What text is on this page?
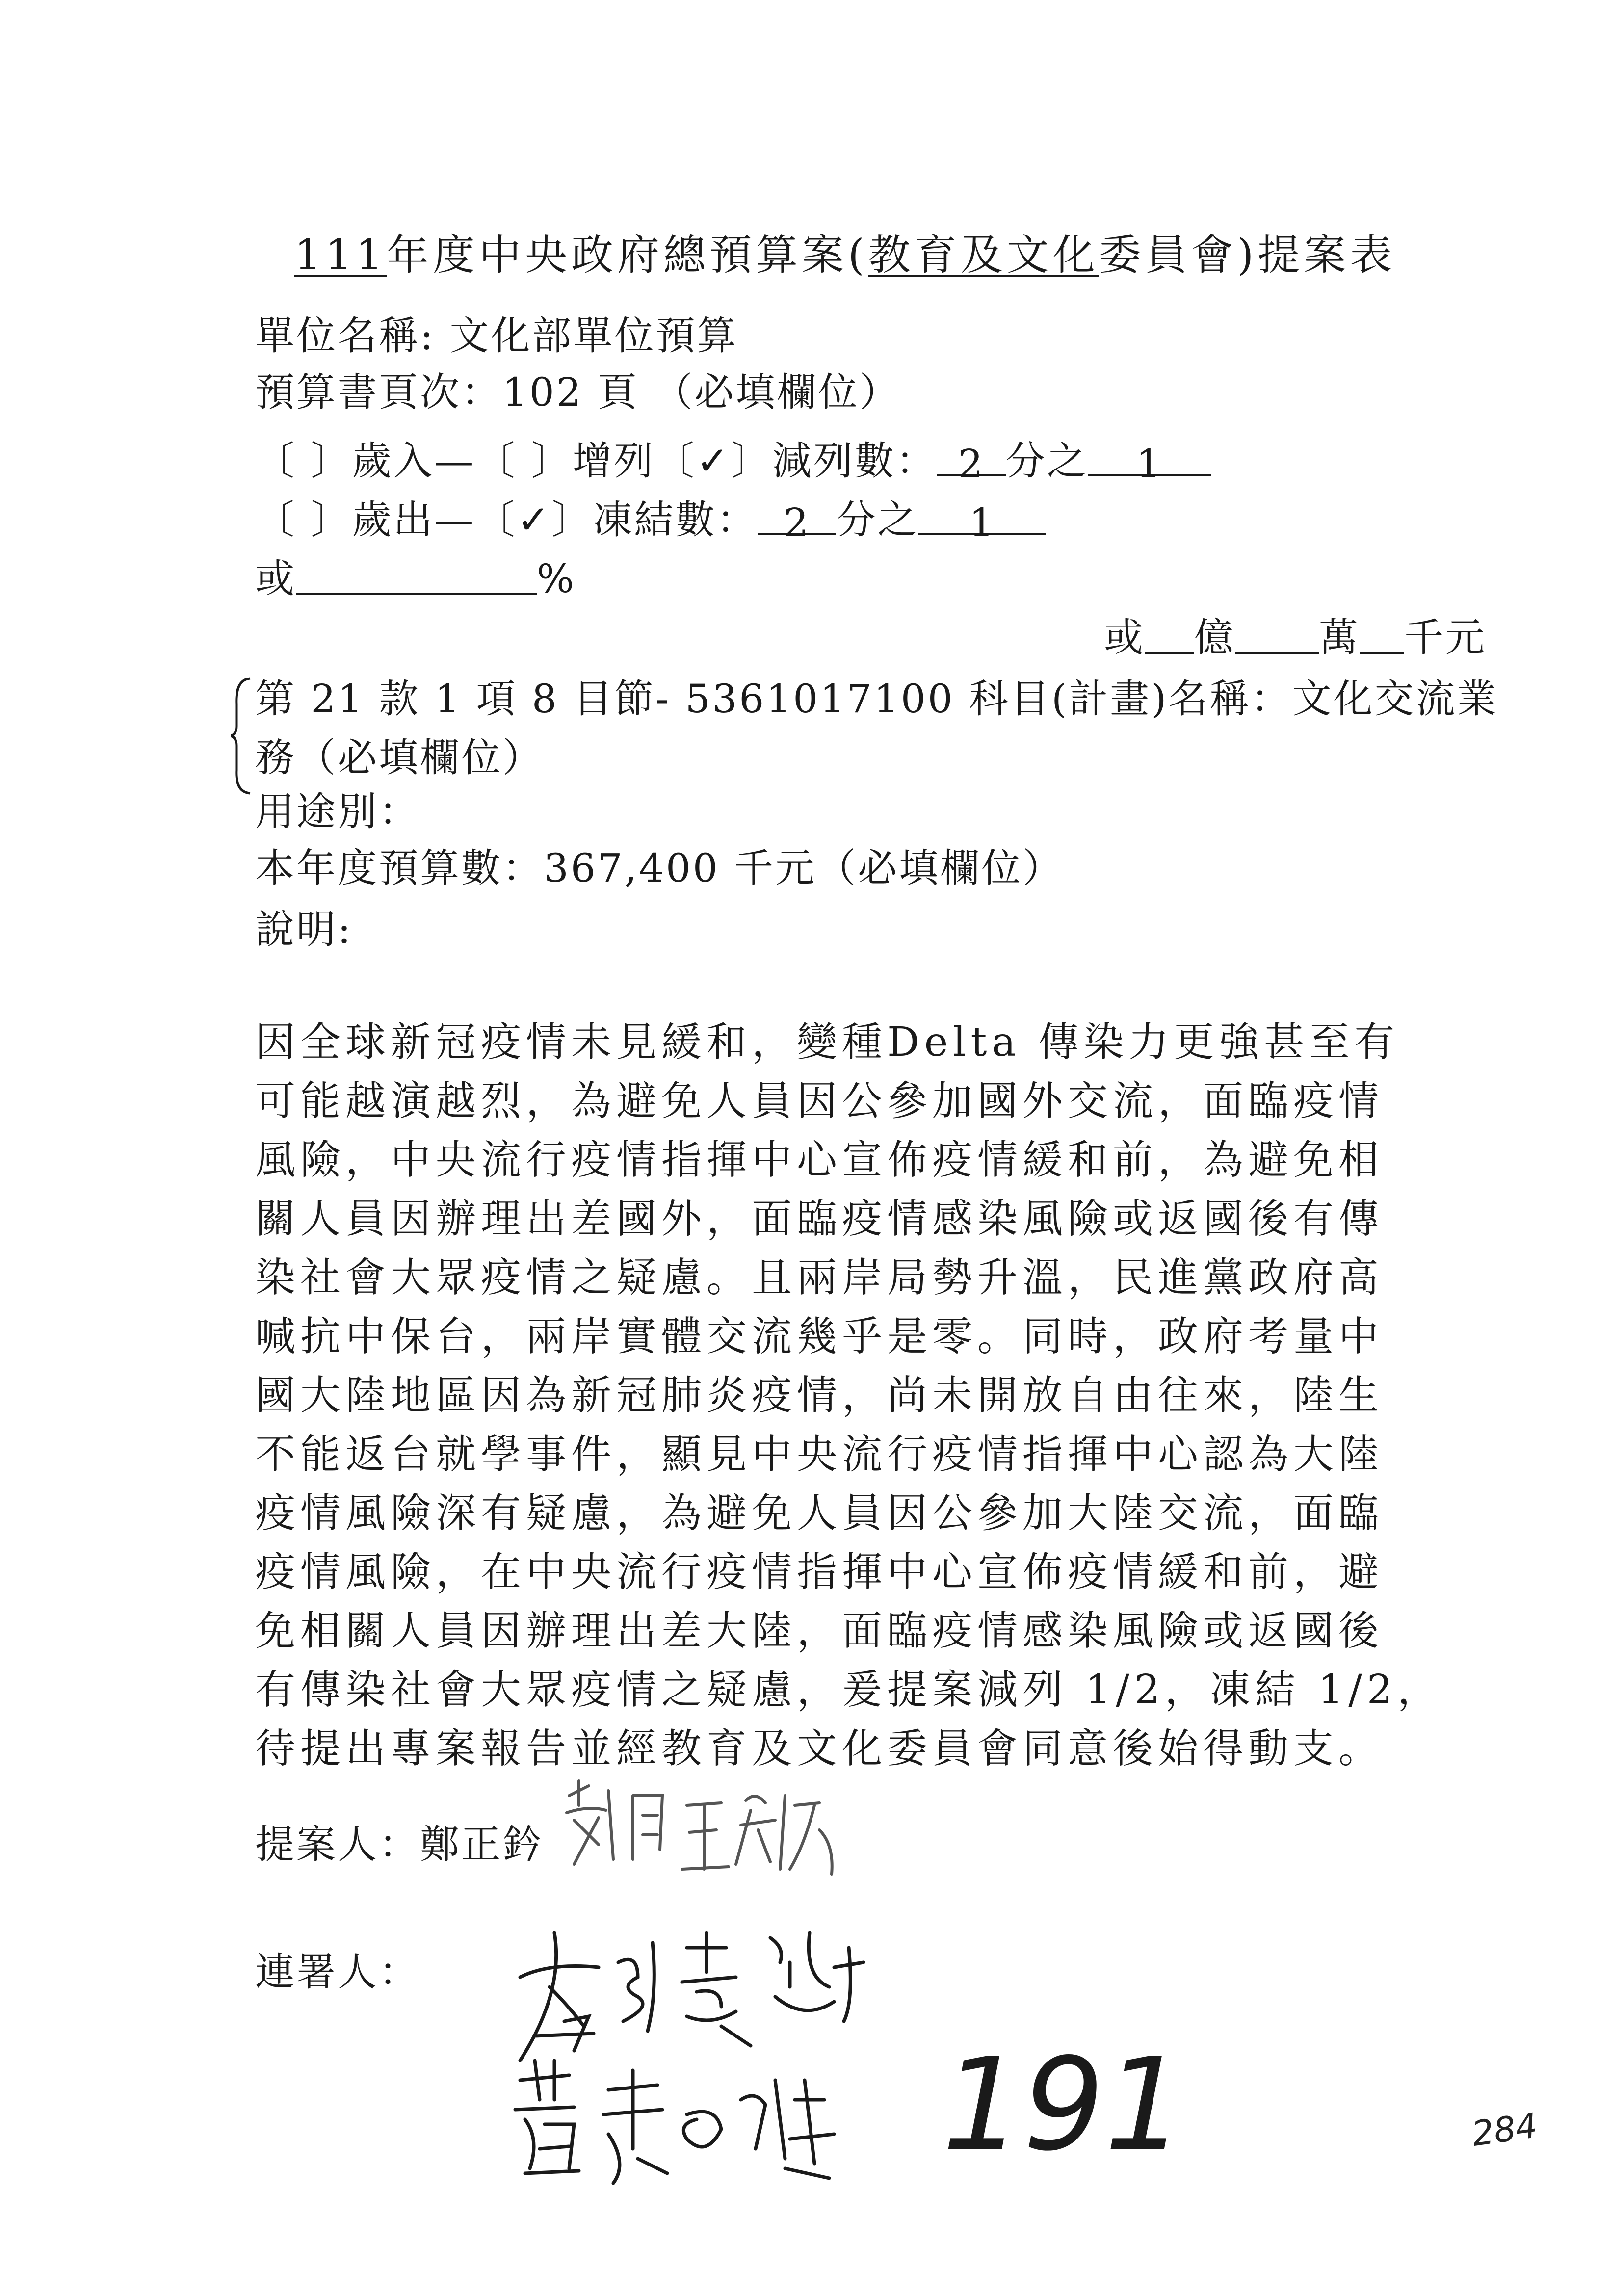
111年度中央政府總預算案(教育及文化委員會)提案表
單位名稱: 文化部單位預算
預算書頁次：102 頁 （必填欄位）
〔 〕歲入—〔 〕增列〔✓〕減列數： 2 分之 1
〔 〕歲出—〔✓〕凍結數： 2 分之 1
或	%
或 億 萬 千元
第 21 款 1 項 8 目節- 5361017100 科目(計畫)名稱：文化交流業
務（必填欄位）
用途別：
本年度預算數：367,400 千元（必填欄位）
說明:
因全球新冠疫情未見緩和，變種Delta 傳染力更強甚至有
可能越演越烈，為避免人員因公參加國外交流，面臨疫情
風險，中央流行疫情指揮中心宣佈疫情緩和前，為避免相
關人員因辦理出差國外，面臨疫情感染風險或返國後有傳
染社會大眾疫情之疑慮。且兩岸局勢升溫，民進黨政府高
喊抗中保台，兩岸實體交流幾乎是零。同時，政府考量中
國大陸地區因為新冠肺炎疫情，尚未開放自由往來，陸生
不能返台就學事件，顯見中央流行疫情指揮中心認為大陸
疫情風險深有疑慮，為避免人員因公參加大陸交流，面臨
疫情風險，在中央流行疫情指揮中心宣佈疫情緩和前，避
免相關人員因辦理出差大陸，面臨疫情感染風險或返國後
有傳染社會大眾疫情之疑慮，爰提案減列 1/2，凍結 1/2，
待提出專案報告並經教育及文化委員會同意後始得動支。
提案人：鄭正鈐
連署人：
191	284
